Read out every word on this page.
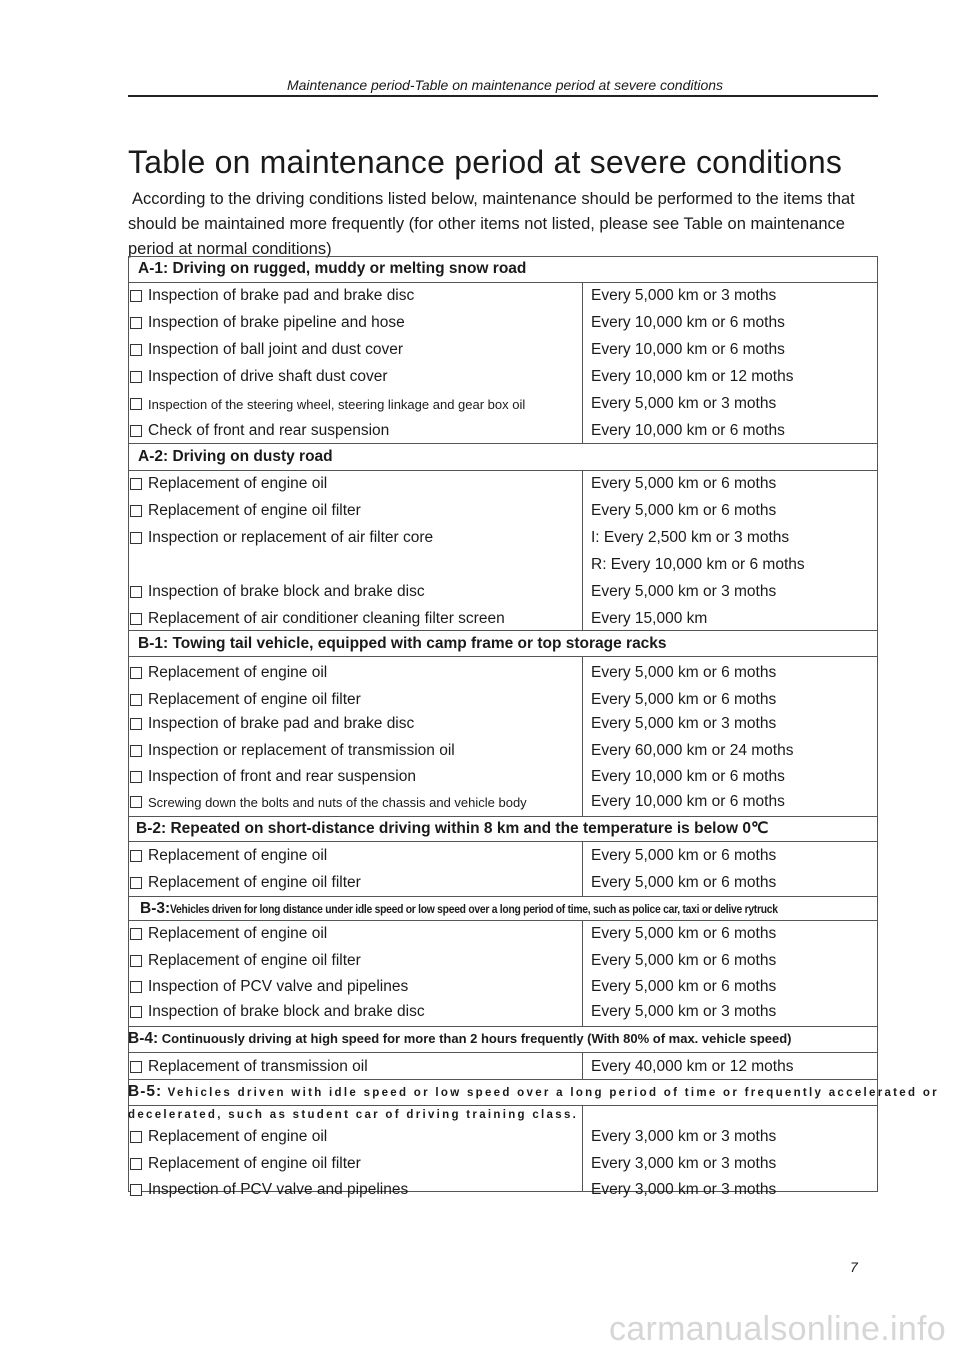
Maintenance period-Table on maintenance period at severe conditions
Table on maintenance period at severe conditions

According to the driving conditions listed below, maintenance should be performed to the items that should be maintained more frequently (for other items not listed, please see Table on maintenance period at normal conditions)

A-1: Driving on rugged, muddy or melting snow road
Inspection of brake pad and brake disc	Every 5,000 km or 3 moths
Inspection of brake pipeline and hose	Every 10,000 km or 6 moths
Inspection of ball joint and dust cover	Every 10,000 km or 6 moths
Inspection of drive shaft dust cover	Every 10,000 km or 12 moths
Inspection of the steering wheel, steering linkage and gear box oil	Every 5,000 km or 3 moths
Check of front and rear suspension	Every 10,000 km or 6 moths
A-2: Driving on dusty road
Replacement of engine oil	Every 5,000 km or 6 moths
Replacement of engine oil filter	Every 5,000 km or 6 moths
Inspection or replacement of air filter core	I: Every 2,500 km or 3 moths
R: Every 10,000 km or 6 moths
Inspection of brake block and brake disc	Every 5,000 km or 3 moths
Replacement of air conditioner cleaning filter screen	Every 15,000 km
B-1: Towing tail vehicle, equipped with camp frame or top storage racks
Replacement of engine oil	Every 5,000 km or 6 moths
Replacement of engine oil filter	Every 5,000 km or 6 moths
Inspection of brake pad and brake disc	Every 5,000 km or 3 moths
Inspection or replacement of transmission oil	Every 60,000 km or 24 moths
Inspection of front and rear suspension	Every 10,000 km or 6 moths
Screwing down the bolts and nuts of the chassis and vehicle body	Every 10,000 km or 6 moths
B-2: Repeated on short-distance driving within 8 km and the temperature is below 0℃
Replacement of engine oil	Every 5,000 km or 6 moths
Replacement of engine oil filter	Every 5,000 km or 6 moths
B-3:Vehicles driven for long distance under idle speed or low speed over a long period of time, such as police car, taxi or delive rytruck
Replacement of engine oil	Every 5,000 km or 6 moths
Replacement of engine oil filter	Every 5,000 km or 6 moths
Inspection of PCV valve and pipelines	Every 5,000 km or 6 moths
Inspection of brake block and brake disc	Every 5,000 km or 3 moths
B-4: Continuously driving at high speed for more than 2 hours frequently (With 80% of max. vehicle speed)
Replacement of transmission oil	Every 40,000 km or 12 moths
B-5: Vehicles driven with idle speed or low speed over a long period of time or frequently accelerated or
decelerated, such as student car of driving training class.
Replacement of engine oil	Every 3,000 km or 3 moths
Replacement of engine oil filter	Every 3,000 km or 3 moths
Inspection of PCV valve and pipelines	Every 3,000 km or 3 moths
7
carmanualsonline.info
